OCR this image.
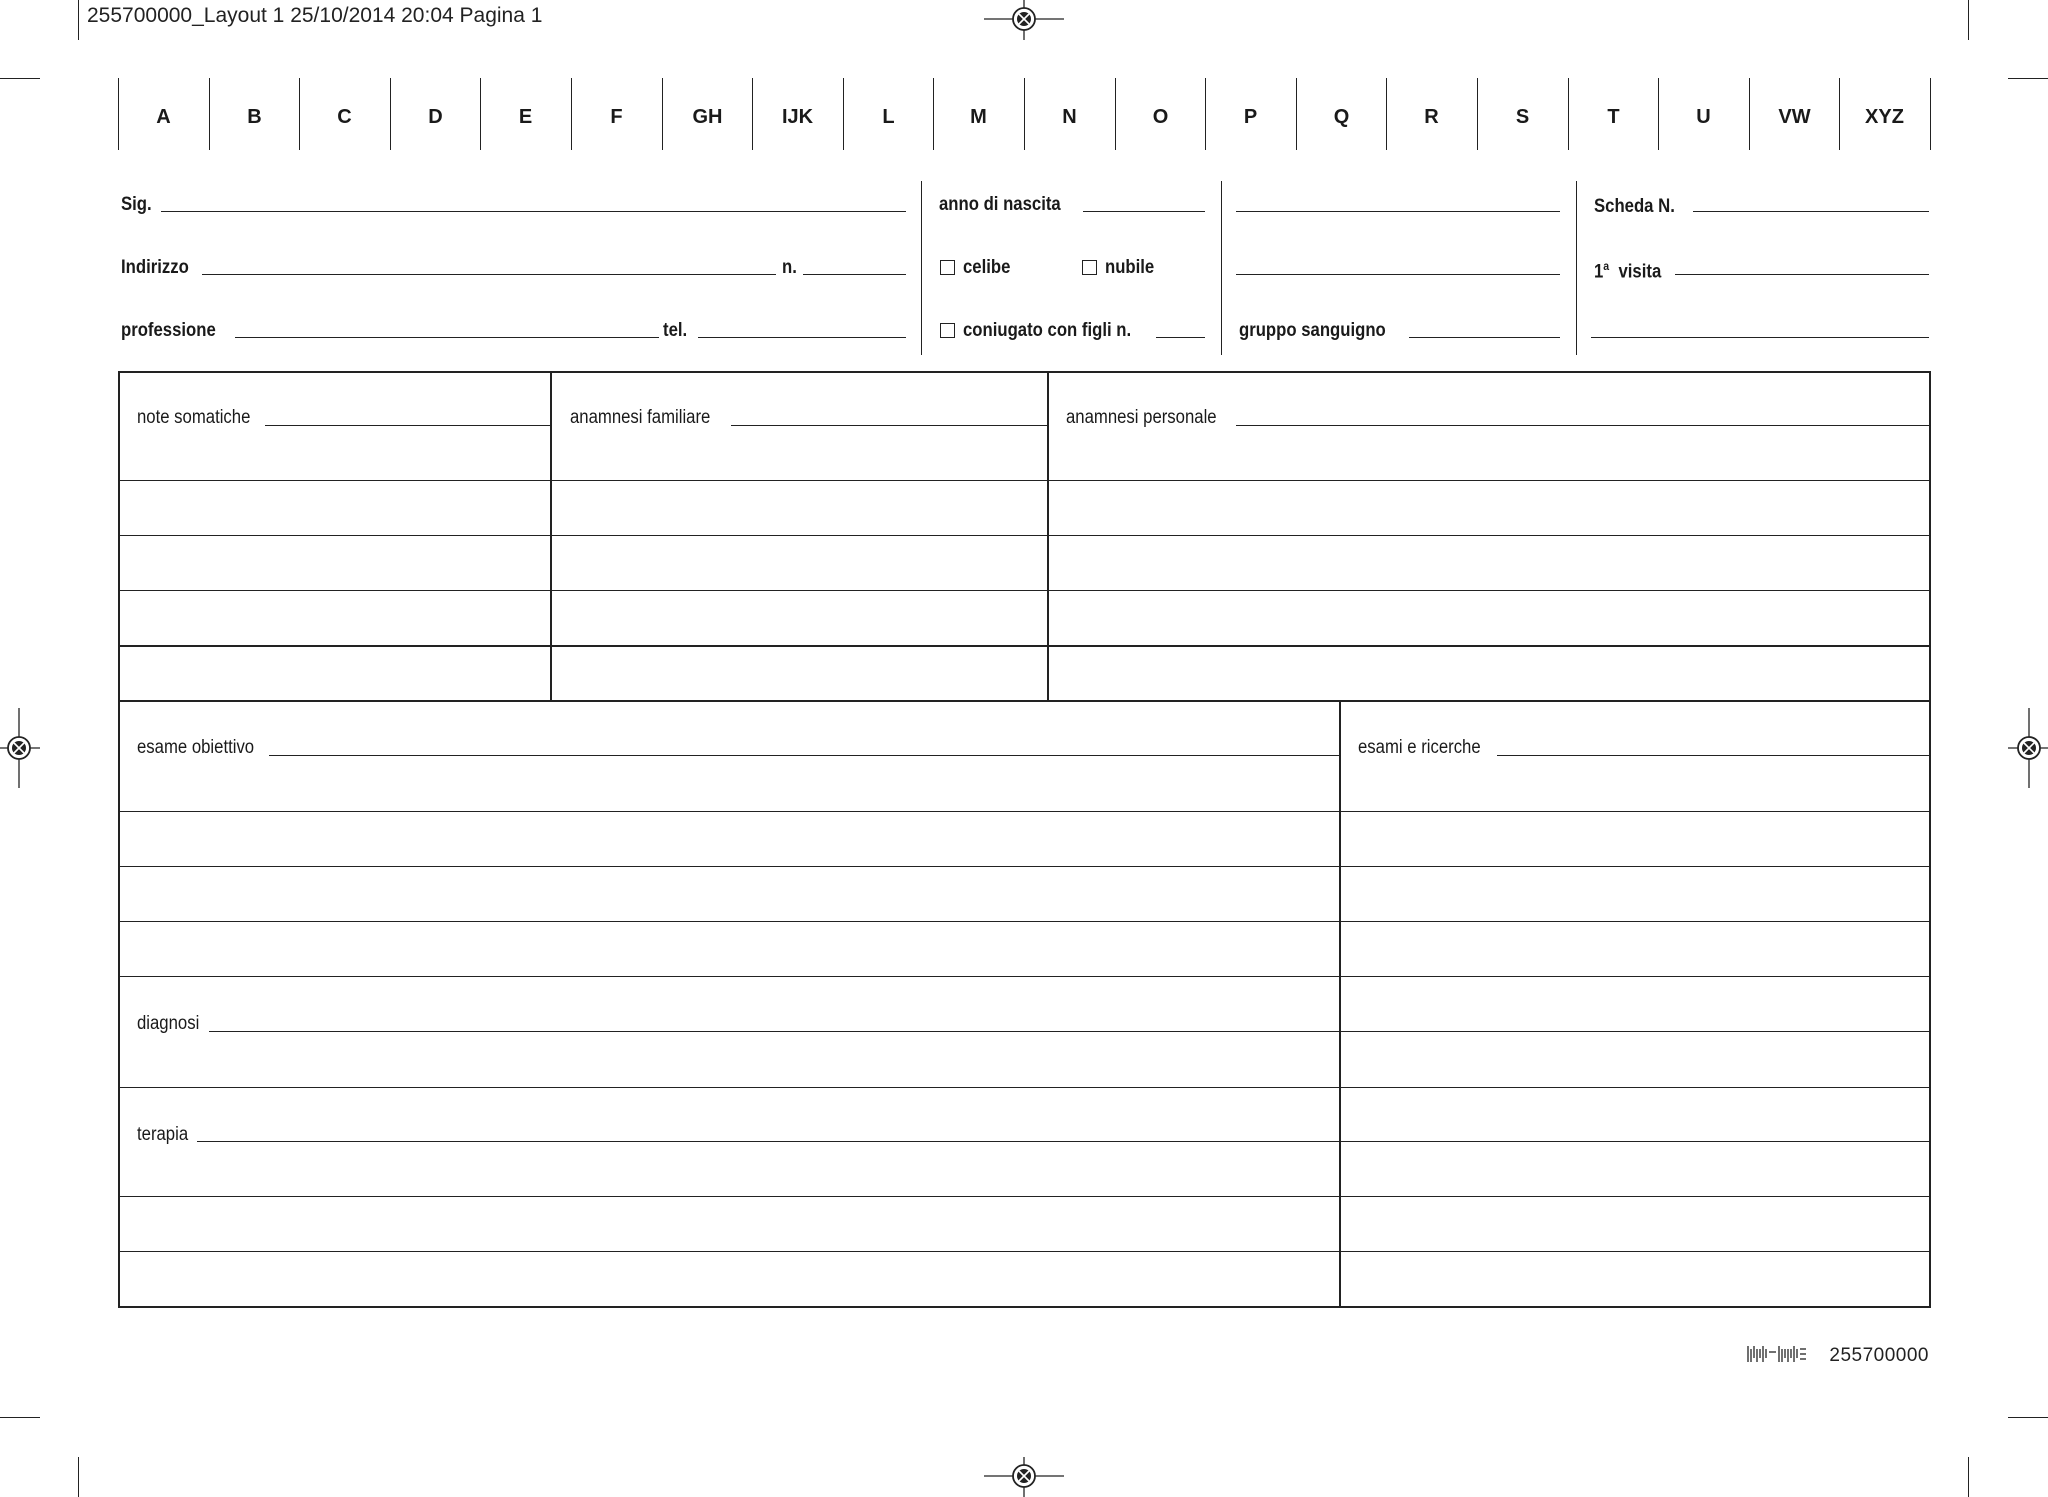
255700000_Layout 1 25/10/2014 20:04 Pagina 1
A	B	C	D	E	F	GH	IJK	L	M	N	O	P	Q	R	S	T	U	VW	XYZ
Sig.
Indirizzo	n.
professione	tel.
anno di nascita
celibe	nubile
coniugato con figli n.	gruppo sanguigno
Scheda N.
1$^a$ visita
note somatiche	anamnesi familiare	anamnesi personale
esame obiettivo	esami e ricerche
diagnosi
terapia
255700000
